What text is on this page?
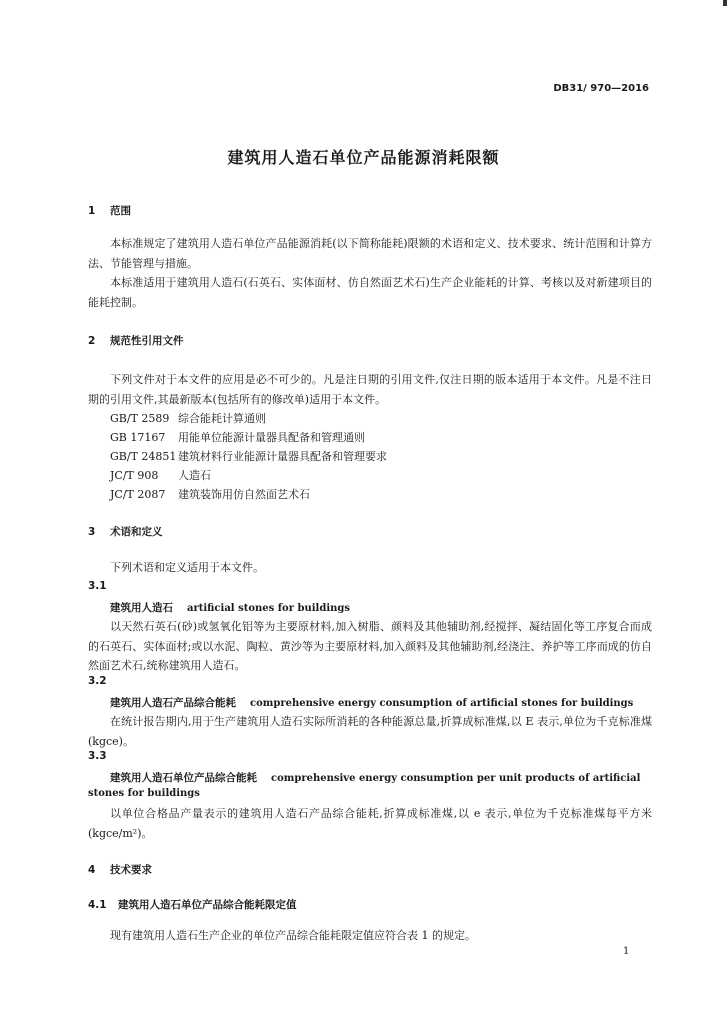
DB31/ 970—2016
建筑用人造石单位产品能源消耗限额
1 范围

本标准规定了建筑用人造石单位产品能源消耗(以下简称能耗)限额的术语和定义、技术要求、统计范围和计算方法、节能管理与措施。

本标准适用于建筑用人造石(石英石、实体面材、仿自然面艺术石)生产企业能耗的计算、考核以及对新建项目的能耗控制。

2 规范性引用文件

下列文件对于本文件的应用是必不可少的。凡是注日期的引用文件,仅注日期的版本适用于本文件。凡是不注日期的引用文件,其最新版本(包括所有的修改单)适用于本文件。

GB/T 2589 综合能耗计算通则
GB 17167 用能单位能源计量器具配备和管理通则
GB/T 24851 建筑材料行业能源计量器具配备和管理要求
JC/T 908 人造石
JC/T 2087 建筑装饰用仿自然面艺术石
3 术语和定义
下列术语和定义适用于本文件。
3.1
建筑用人造石 artificial stones for buildings

以天然石英石(砂)或氢氧化铝等为主要原材料,加入树脂、颜料及其他辅助剂,经搅拌、凝结固化等工序复合而成的石英石、实体面材;或以水泥、陶粒、黄沙等为主要原材料,加入颜料及其他辅助剂,经浇注、养护等工序而成的仿自然面艺术石,统称建筑用人造石。

3.2
建筑用人造石产品综合能耗 comprehensive energy consumption of artificial stones for buildings

在统计报告期内,用于生产建筑用人造石实际所消耗的各种能源总量,折算成标准煤,以 E 表示,单位为千克标准煤(kgce)。

3.3
建筑用人造石单位产品综合能耗 comprehensive energy consumption per unit products of artificial
stones for buildings

以单位合格品产量表示的建筑用人造石产品综合能耗,折算成标准煤,以 e 表示,单位为千克标准煤每平方米(kgce/m²)。

4 技术要求
4.1 建筑用人造石单位产品综合能耗限定值
现有建筑用人造石生产企业的单位产品综合能耗限定值应符合表 1 的规定。
1
